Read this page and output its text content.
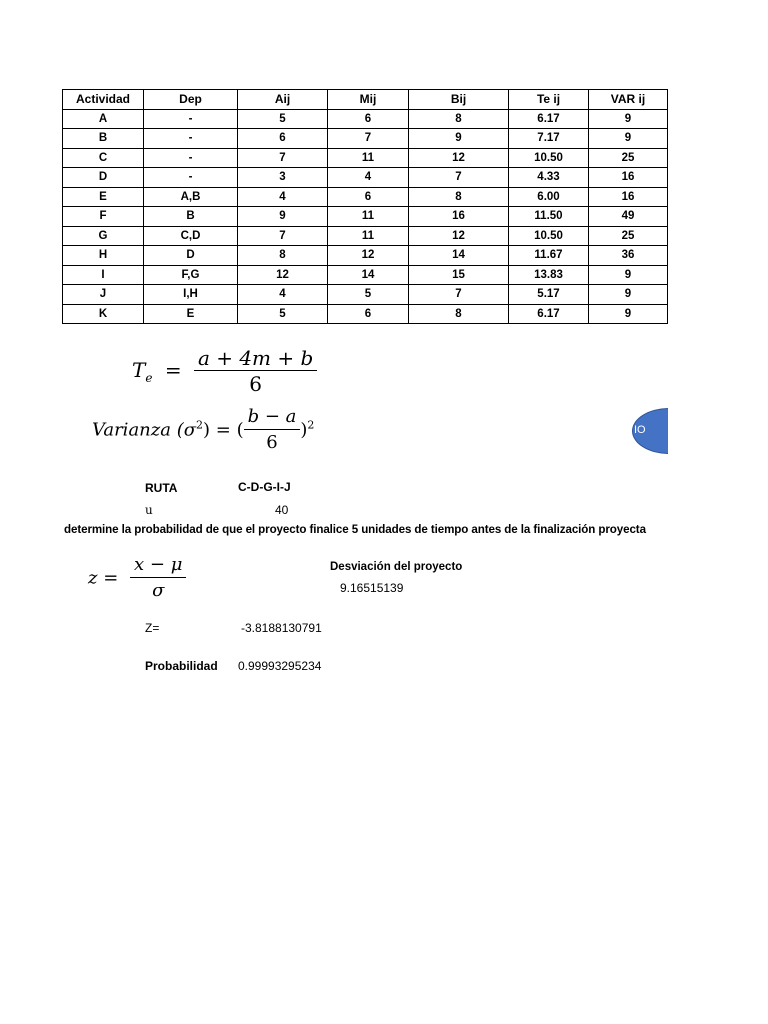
Actividad	Dep	Aij	Mij	Bij	Te ij	VAR ij
A	-	5	6	8	6.17	9
B	-	6	7	9	7.17	9
C	-	7	11	12	10.50	25
D	-	3	4	7	4.33	16
E	A,B	4	6	8	6.00	16
F	B	9	11	16	11.50	49
G	C,D	7	11	12	10.50	25
H	D	8	12	14	11.67	36
I	F,G	12	14	15	13.83	9
J	I,H	4	5	7	5.17	9
K	E	5	6	8	6.17	9
$T_e = \frac{a + 4m + b}{6}$
Varianza $(\sigma^2)$ = ( $\frac{b - a}{6} )^2$	IO
RUTA	C-D-G-I-J
u	40
determine la probabilidad de que el proyecto finalice 5 unidades de tiempo antes de la finalización proyecta
$z = \frac{x - \mu}{\sigma}$	Desviación del proyecto
9.16515139
Z=	-3.8188130791
Probabilidad 0.99993295234
